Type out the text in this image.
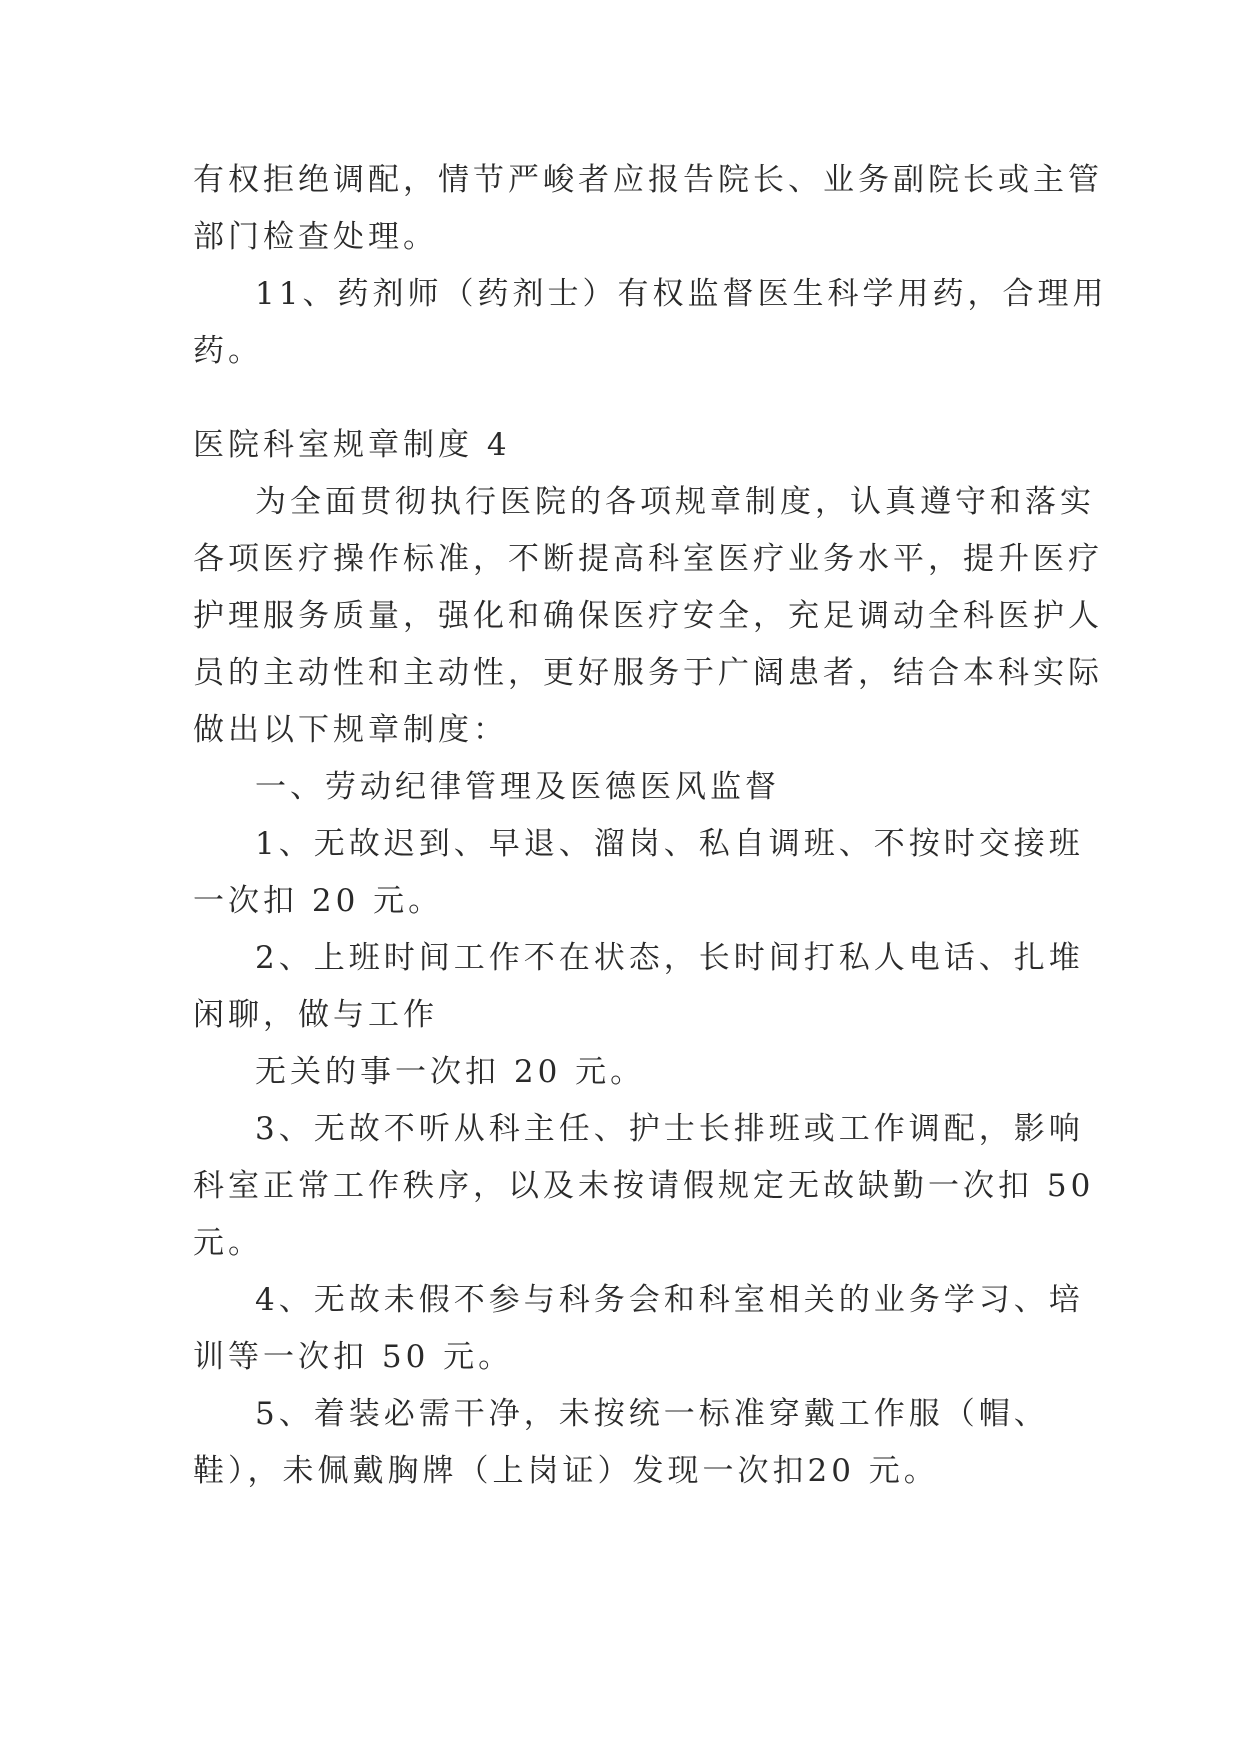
有权拒绝调配，情节严峻者应报告院长、业务副院长或主管
部门检查处理。
11、药剂师（药剂士）有权监督医生科学用药，合理用
药。
医院科室规章制度 4
为全面贯彻执行医院的各项规章制度，认真遵守和落实
各项医疗操作标准，不断提高科室医疗业务水平，提升医疗
护理服务质量，强化和确保医疗安全，充足调动全科医护人
员的主动性和主动性，更好服务于广阔患者，结合本科实际
做出以下规章制度：
一、劳动纪律管理及医德医风监督
1、无故迟到、早退、溜岗、私自调班、不按时交接班
一次扣 20 元。
2、上班时间工作不在状态，长时间打私人电话、扎堆
闲聊，做与工作
无关的事一次扣 20 元。
3、无故不听从科主任、护士长排班或工作调配，影响
科室正常工作秩序，以及未按请假规定无故缺勤一次扣 50
元。
4、无故未假不参与科务会和科室相关的业务学习、培
训等一次扣 50 元。
5、着装必需干净，未按统一标准穿戴工作服（帽、
鞋），未佩戴胸牌（上岗证）发现一次扣20 元。
